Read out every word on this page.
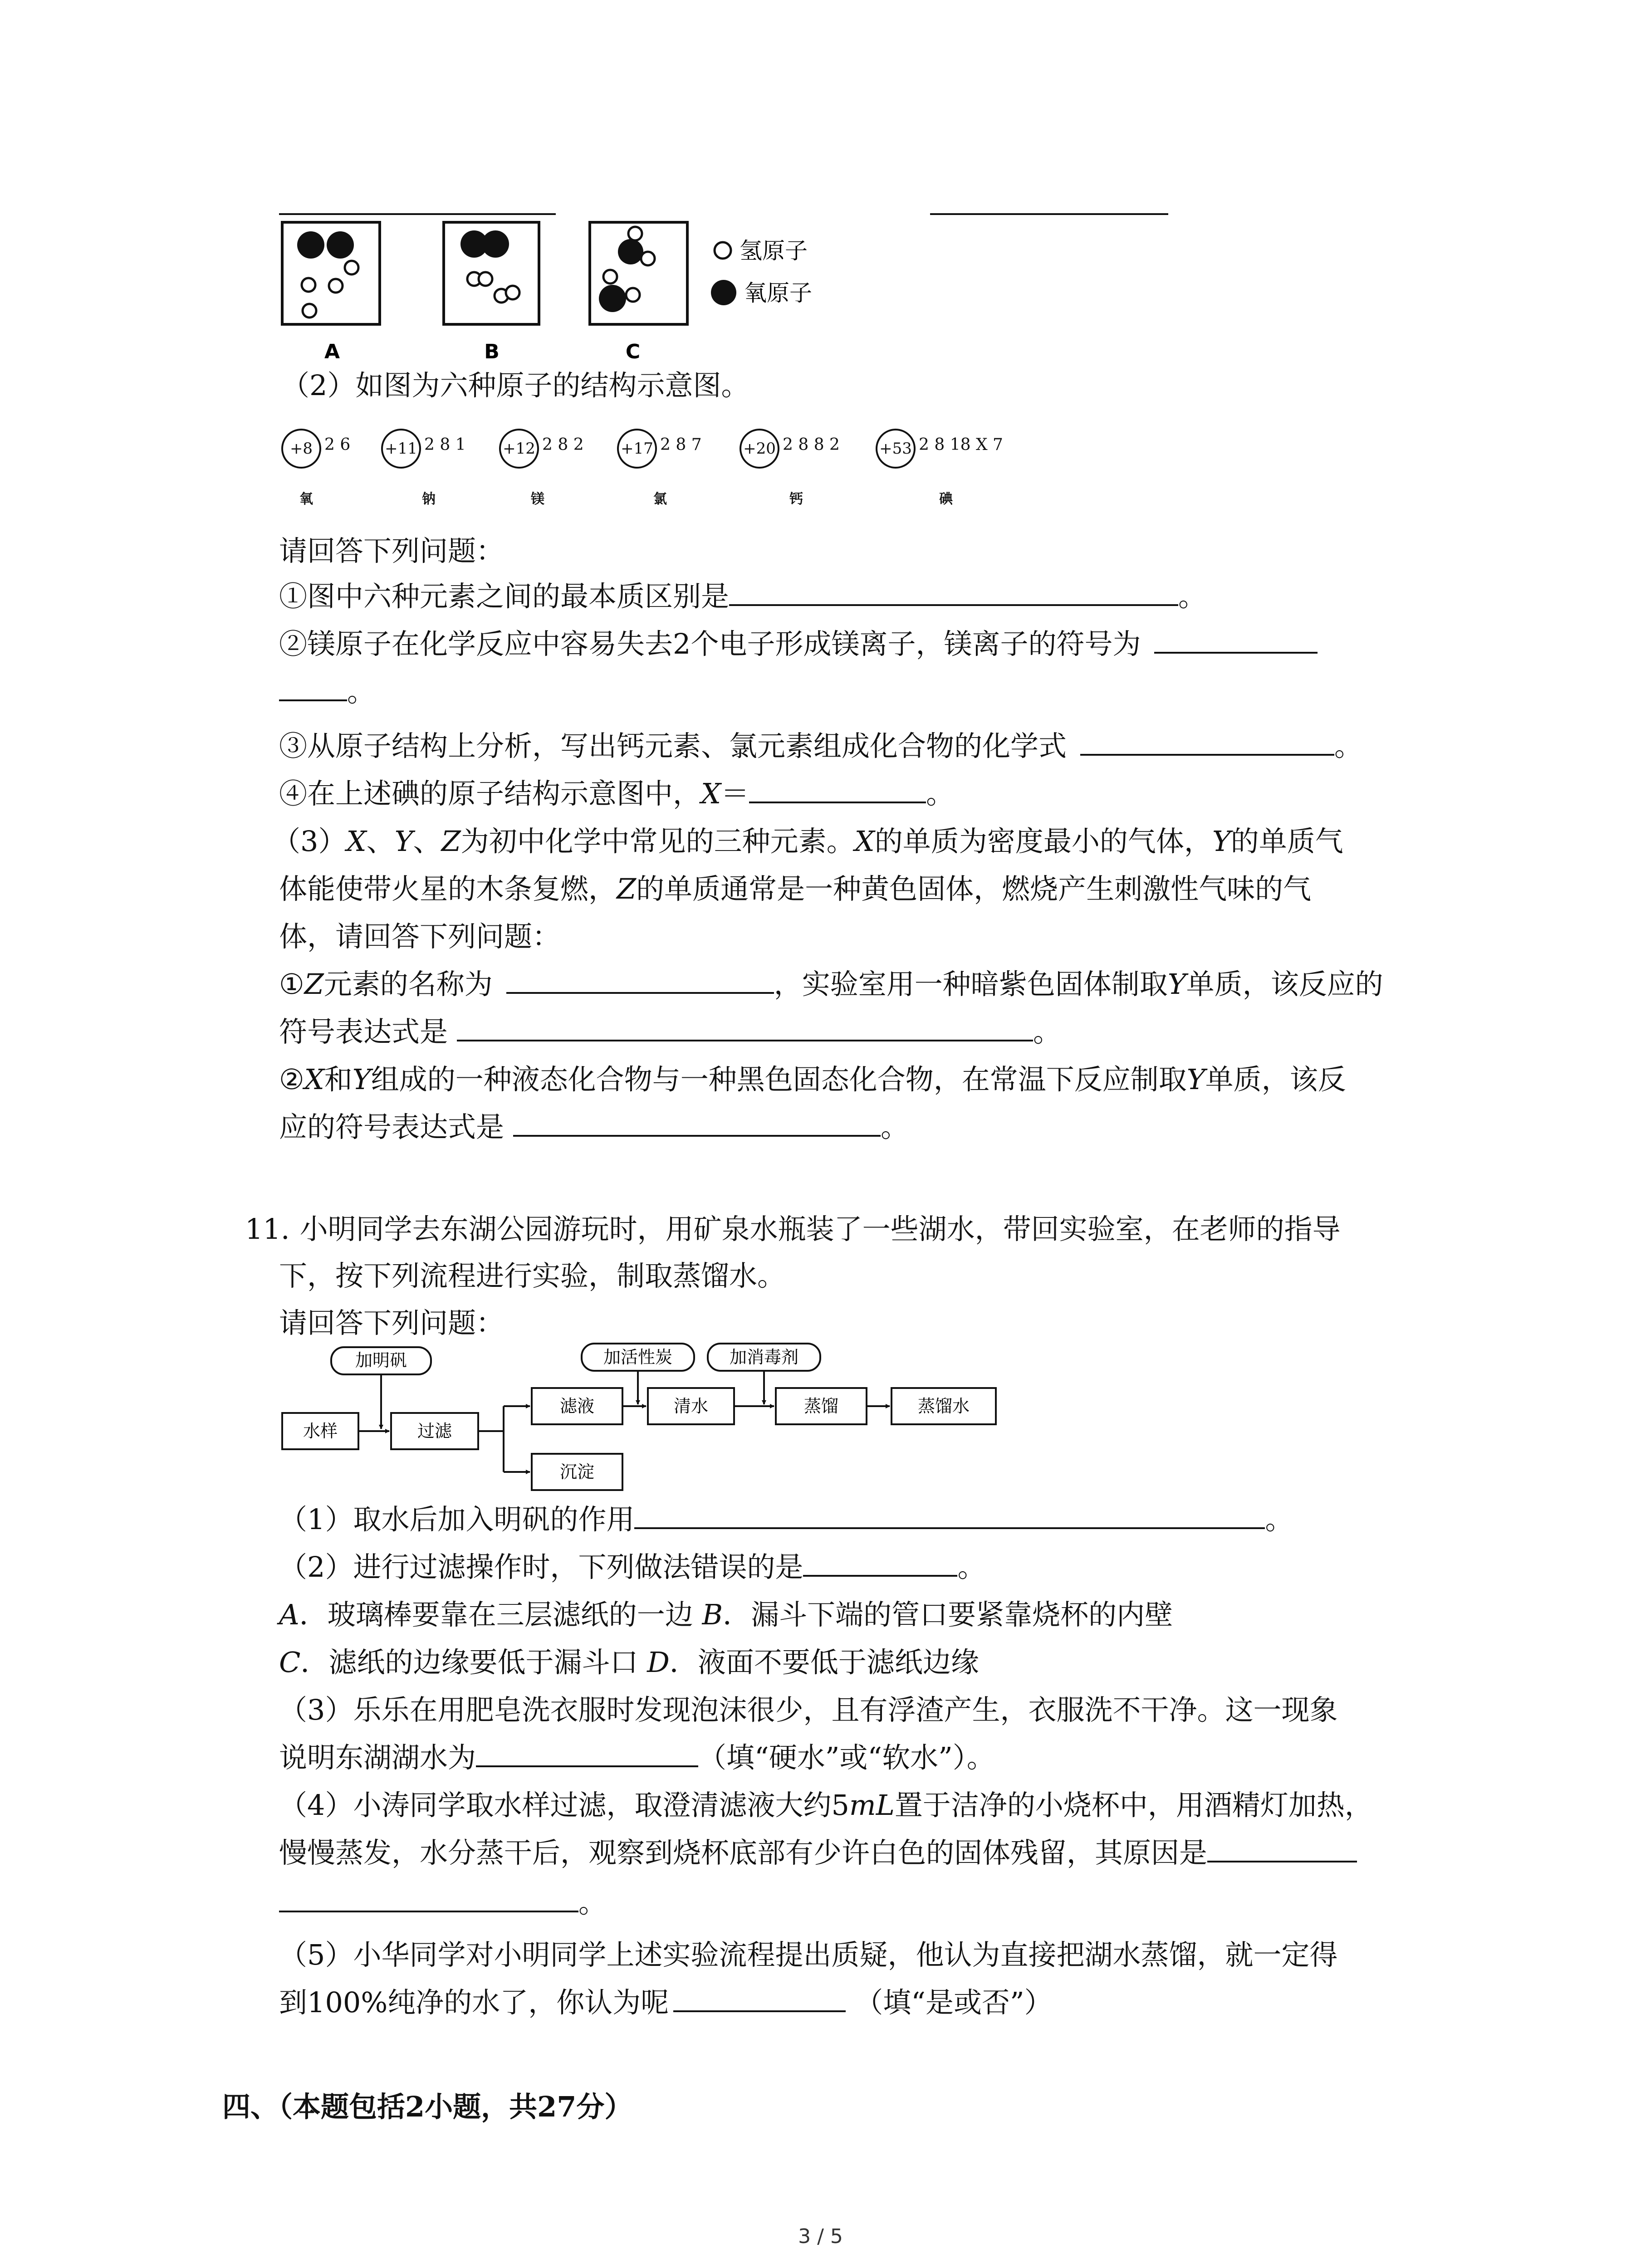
A	B	C
氢原子
氧原子
（2）如图为六种原子的结构示意图。
+8 2 6
氧
+11 2 8 1
钠
+12 2 8 2
镁
+17 2 8 7
氯
+20 2 8 8 2
钙
+53 2 8 18 X 7
碘
请回答下列问题：
①图中六种元素之间的最本质区别是	。
②镁原子在化学反应中容易失去2个电子形成镁离子，镁离子的符号为
。
③从原子结构上分析，写出钙元素、氯元素组成化合物的化学式	。
④在上述碘的原子结构示意图中，X＝	。
（3）X、Y、Z为初中化学中常见的三种元素。X的单质为密度最小的气体，Y的单质气
体能使带火星的木条复燃，Z的单质通常是一种黄色固体，燃烧产生刺激性气味的气
体，请回答下列问题：
①Z元素的名称为	，实验室用一种暗紫色固体制取Y单质，该反应的
符号表达式是	。
②X和Y组成的一种液态化合物与一种黑色固态化合物，在常温下反应制取Y单质，该反
应的符号表达式是	。
11. 小明同学去东湖公园游玩时，用矿泉水瓶装了一些湖水，带回实验室，在老师的指导
下，按下列流程进行实验，制取蒸馏水。
请回答下列问题：
加明矾	加活性炭	加消毒剂
水样	过滤
滤液	清水	蒸馏	蒸馏水
沉淀
（1）取水后加入明矾的作用	。
（2）进行过滤操作时，下列做法错误的是	。
A．玻璃棒要靠在三层滤纸的一边 B．漏斗下端的管口要紧靠烧杯的内壁
C．滤纸的边缘要低于漏斗口 D．液面不要低于滤纸边缘
（3）乐乐在用肥皂洗衣服时发现泡沫很少，且有浮渣产生，衣服洗不干净。这一现象
说明东湖湖水为	（填“硬水”或“软水”）。
（4）小涛同学取水样过滤，取澄清滤液大约5mL置于洁净的小烧杯中，用酒精灯加热，
慢慢蒸发，水分蒸干后，观察到烧杯底部有少许白色的固体残留，其原因是
。
（5）小华同学对小明同学上述实验流程提出质疑，他认为直接把湖水蒸馏，就一定得
到100%纯净的水了，你认为呢	（填“是或否”）
四、（本题包括2小题，共27分）
3 / 5
